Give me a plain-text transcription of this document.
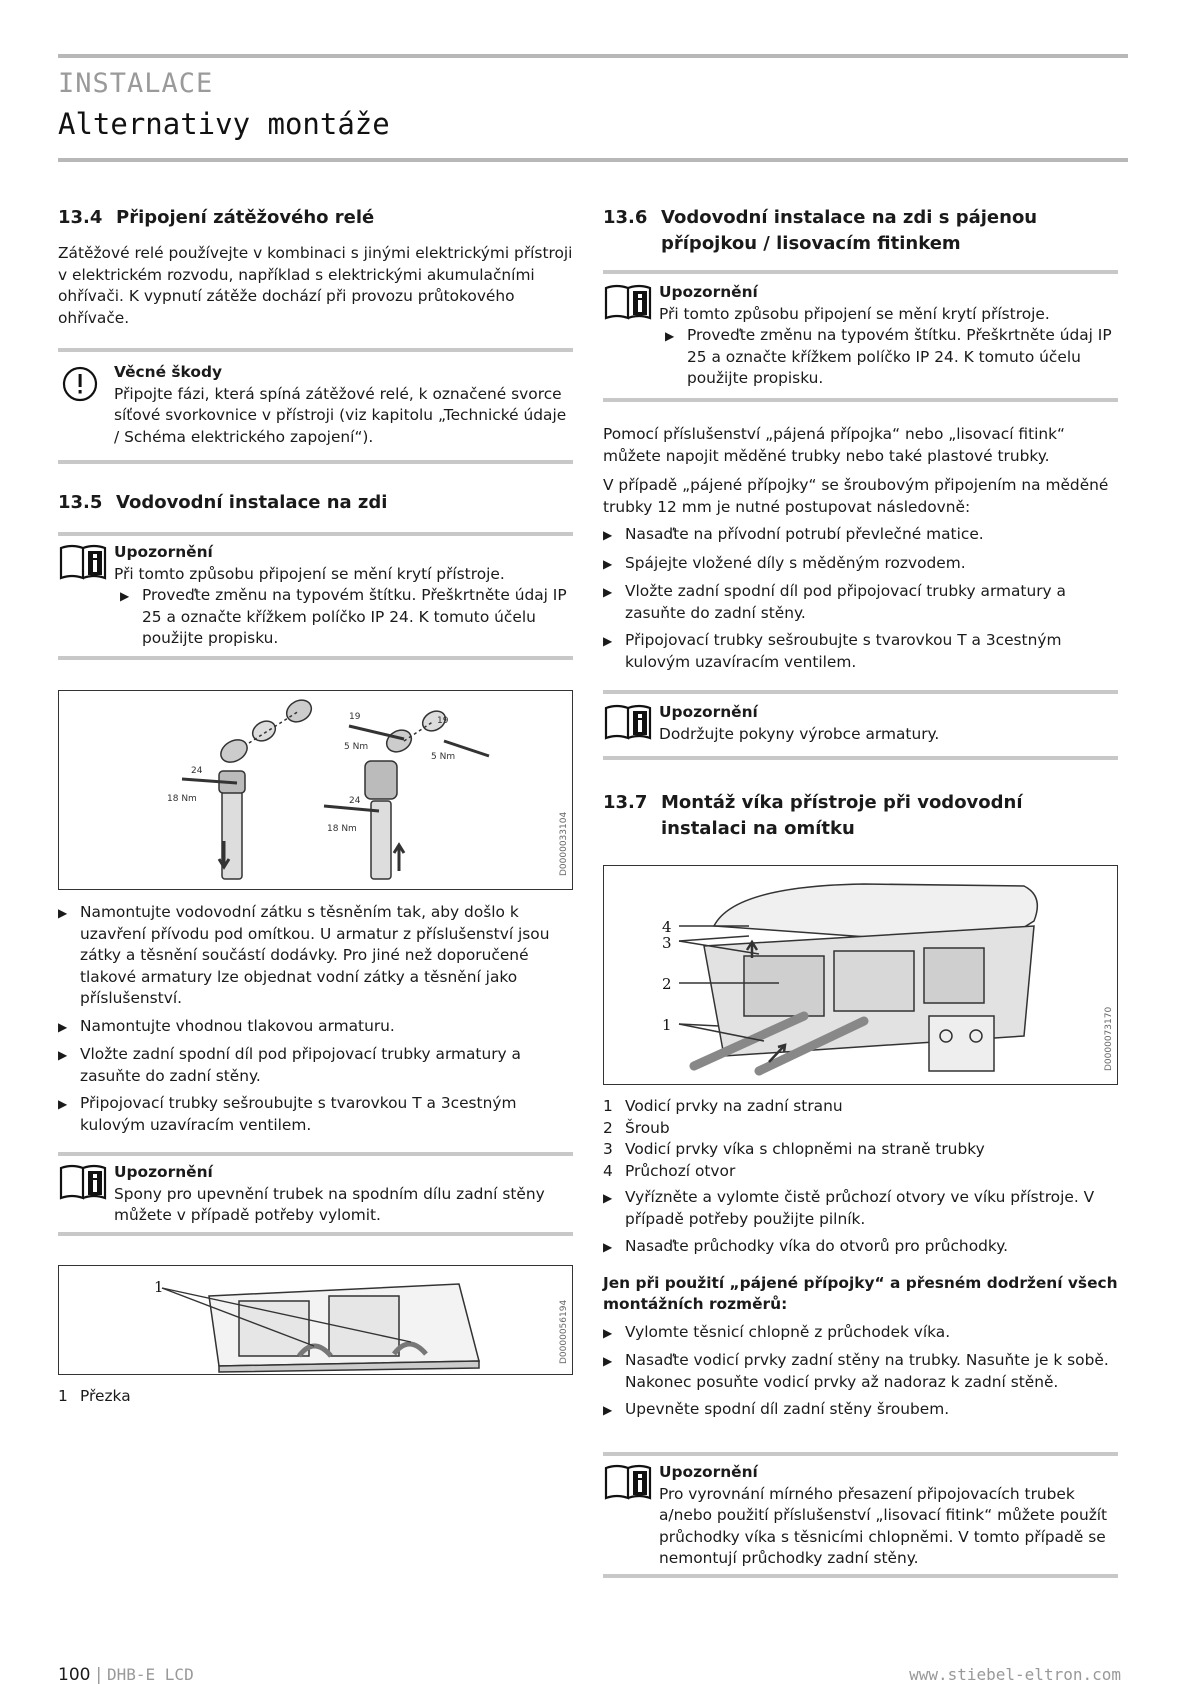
INSTALACE
Alternativy montáže
13.4 Připojení zátěžového relé

Zátěžové relé používejte v kombinaci s jinými elektrickými přístroji v elektrickém rozvodu, například s elektrickými akumulačními ohřívači. K vypnutí zátěže dochází při provozu průtokového ohřívače.

Věcné škody
Připojte fázi, která spíná zátěžové relé, k označené svorce síťové svorkovnice v přístroji (viz kapitolu „Technické údaje / Schéma elektrického zapojení“).
13.5 Vodovodní instalace na zdi
Upozornění
Při tomto způsobu připojení se mění krytí přístroje.
▶ Proveďte změnu na typovém štítku. Přeškrtněte údaj IP 25 a označte křížkem políčko IP 24. K tomuto účelu použijte propisku.
19
5 Nm
19
5 Nm
24
18 Nm	24
18 Nm	D0000033104
▶ Namontujte vodovodní zátku s těsněním tak, aby došlo k uzavření přívodu pod omítkou. U armatur z příslušenství jsou zátky a těsnění součástí dodávky. Pro jiné než doporučené tlakové armatury lze objednat vodní zátky a těsnění jako příslušenství.
▶ Namontujte vhodnou tlakovou armaturu.
▶ Vložte zadní spodní díl pod připojovací trubky armatury a zasuňte do zadní stěny.
▶ Připojovací trubky sešroubujte s tvarovkou T a 3cestným kulovým uzavíracím ventilem.
Upozornění
Spony pro upevnění trubek na spodním dílu zadní stěny můžete v případě potřeby vylomit.
1
D0000056194
1 Přezka
13.6 Vodovodní instalace na zdi s pájenou přípojkou / lisovacím fitinkem
Upozornění
Při tomto způsobu připojení se mění krytí přístroje.
▶ Proveďte změnu na typovém štítku. Přeškrtněte údaj IP 25 a označte křížkem políčko IP 24. K tomuto účelu použijte propisku.

Pomocí příslušenství „pájená přípojka“ nebo „lisovací fitink“ můžete napojit měděné trubky nebo také plastové trubky.

V případě „pájené přípojky“ se šroubovým připojením na měděné trubky 12 mm je nutné postupovat následovně:

▶ Nasaďte na přívodní potrubí převlečné matice.
▶ Spájejte vložené díly s měděným rozvodem.
▶ Vložte zadní spodní díl pod připojovací trubky armatury a zasuňte do zadní stěny.
▶ Připojovací trubky sešroubujte s tvarovkou T a 3cestným kulovým uzavíracím ventilem.
Upozornění
Dodržujte pokyny výrobce armatury.
13.7 Montáž víka přístroje při vodovodní instalaci na omítku
4
3
2
1	D0000073170
1 Vodicí prvky na zadní stranu
2 Šroub
3 Vodicí prvky víka s chlopněmi na straně trubky
4 Průchozí otvor
▶ Vyřízněte a vylomte čistě průchozí otvory ve víku přístroje. V případě potřeby použijte pilník.
▶ Nasaďte průchodky víka do otvorů pro průchodky.

Jen při použití „pájené přípojky“ a přesném dodržení všech montážních rozměrů:

▶ Vylomte těsnicí chlopně z průchodek víka.
▶ Nasaďte vodicí prvky zadní stěny na trubky. Nasuňte je k sobě. Nakonec posuňte vodicí prvky až nadoraz k zadní stěně.
▶ Upevněte spodní díl zadní stěny šroubem.
Upozornění
Pro vyrovnání mírného přesazení připojovacích trubek a/nebo použití příslušenství „lisovací fitink“ můžete použít průchodky víka s těsnicími chlopněmi. V tomto případě se nemontují průchodky zadní stěny.
100 | DHB-E LCD	www.stiebel-eltron.com
